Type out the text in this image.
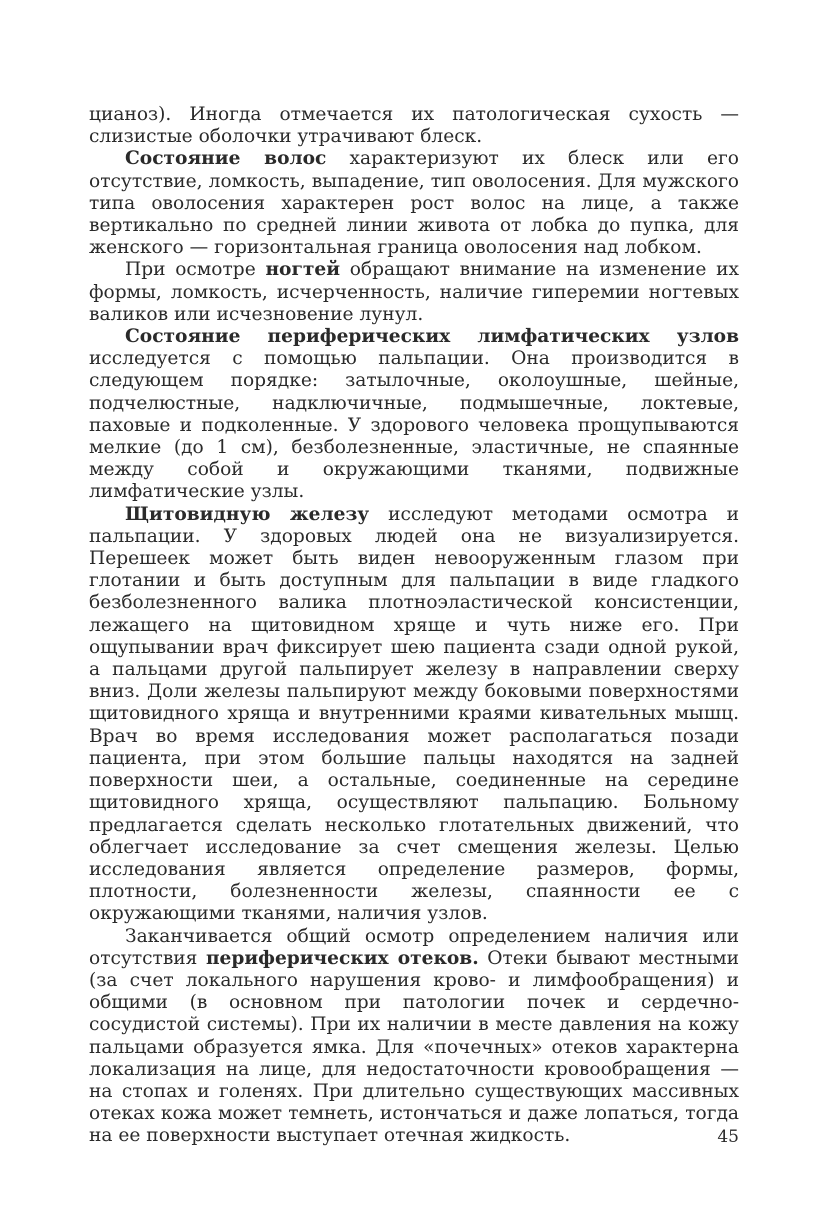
цианоз). Иногда отмечается их патологическая сухость — слизистые оболочки утрачивают блеск.

Состояние волос характеризуют их блеск или его отсутствие, ломкость, выпадение, тип оволосения. Для мужского типа оволосения характерен рост волос на лице, а также вертикально по средней линии живота от лобка до пупка, для женского — горизонтальная граница оволосения над лобком.

При осмотре ногтей обращают внимание на изменение их формы, ломкость, исчерченность, наличие гиперемии ногтевых валиков или исчезновение лунул.

Состояние периферических лимфатических узлов исследуется с помощью пальпации. Она производится в следующем порядке: затылочные, околоушные, шейные, подчелюстные, надключичные, подмышечные, локтевые, паховые и подколенные. У здорового человека прощупываются мелкие (до 1 см), безболезненные, эластичные, не спаянные между собой и окружающими тканями, подвижные лимфатические узлы.

Щитовидную железу исследуют методами осмотра и пальпации. У здоровых людей она не визуализируется. Перешеек может быть виден невооруженным глазом при глотании и быть доступным для пальпации в виде гладкого безболезненного валика плотноэластической консистенции, лежащего на щитовидном хряще и чуть ниже его. При ощупывании врач фиксирует шею пациента сзади одной рукой, а пальцами другой пальпирует железу в направлении сверху вниз. Доли железы пальпируют между боковыми поверхностями щитовидного хряща и внутренними краями кивательных мышц. Врач во время исследования может располагаться позади пациента, при этом большие пальцы находятся на задней поверхности шеи, а остальные, соединенные на середине щитовидного хряща, осуществляют пальпацию. Больному предлагается сделать несколько глотательных движений, что облегчает исследование за счет смещения железы. Целью исследования является определение размеров, формы, плотности, болезненности железы, спаянности ее с окружающими тканями, наличия узлов.

Заканчивается общий осмотр определением наличия или отсутствия периферических отеков. Отеки бывают местными (за счет локального нарушения крово- и лимфообращения) и общими (в основном при патологии почек и сердечно-сосудистой системы). При их наличии в месте давления на кожу пальцами образуется ямка. Для «почечных» отеков характерна локализация на лице, для недостаточности кровообращения — на стопах и голенях. При длительно существующих массивных отеках кожа может темнеть, истончаться и даже лопаться, тогда на ее поверхности выступает отечная жидкость.	45
